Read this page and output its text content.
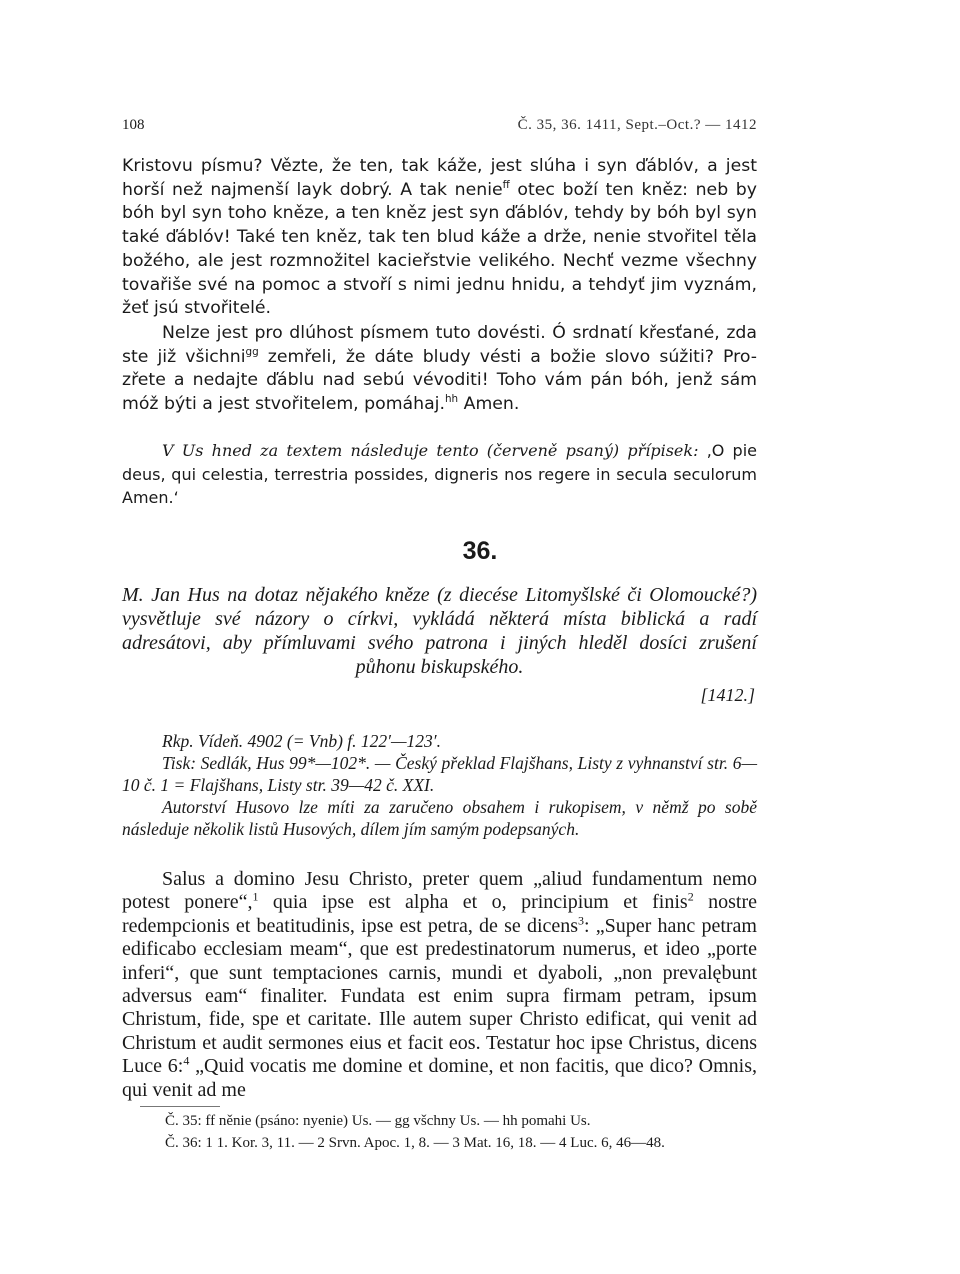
108	Č. 35, 36. 1411, Sept.–Oct.? — 1412

Kristovu písmu? Vězte, že ten, tak káže, jest slúha i syn ďáblóv, a jest horší než najmenší layk dobrý. A tak nenie$^{ff}$ otec boží ten kněz: neb by bóh byl syn toho kněze, a ten kněz jest syn ďáblóv, tehdy by bóh byl syn také ďáblóv! Také ten kněz, tak ten blud káže a drže, nenie stvořitel těla božého, ale jest rozmnožitel kacieřstvie velikého. Nechť vezme všechny tovařiše své na pomoc a stvoří s nimi jednu hnidu, a tehdyť jim vyznám, žeť jsú stvořitelé.

Nelze jest pro dlúhost písmem tuto dovésti. Ó srdnatí křesťané, zda ste již všichni$^{gg}$ zemřeli, že dáte bludy vésti a božie slovo súžiti? Pro- zřete a nedajte ďáblu nad sebú vévoditi! Toho vám pán bóh, jenž sám móž býti a jest stvořitelem, pomáhaj.$^{hh}$ Amen.

V Us hned za textem následuje tento (červeně psaný) přípisek: ‚O pie deus, qui celestia, terrestria possides, digneris nos regere in secula seculorum Amen.‘
36.
M. Jan Hus na dotaz nějakého kněze (z diecése Litomyšlské či Olomoucké?) vysvětluje své názory o církvi, vykládá některá místa biblická a radí adresátovi, aby přímluvami svého patrona i jiných hleděl dosíci zrušení půhonu biskupského.
[1412.]

Rkp. Vídeň. 4902 (= Vnb) f. 122′—123′.

Tisk: Sedlák, Hus 99*—102*. — Český překlad Flajšhans, Listy z vyhnanství str. 6—10 č. 1 = Flajšhans, Listy str. 39—42 č. XXI.

Autorství Husovo lze míti za zaručeno obsahem i rukopisem, v němž po sobě následuje několik listů Husových, dílem jím samým podepsaných.

Salus a domino Jesu Christo, preter quem „aliud fundamentum nemo potest ponere“,$^1$ quia ipse est alpha et o, principium et finis$^2$ nostre redempcionis et beatitudinis, ipse est petra, de se dicens$^3$: „Super hanc petram edificabo ecclesiam meam“, que est predestinatorum numerus, et ideo „porte inferi“, que sunt temptaciones carnis, mundi et dyaboli, „non prevalębunt adversus eam“ finaliter. Fundata est enim supra firmam petram, ipsum Christum, fide, spe et caritate. Ille autem super Christo edificat, qui venit ad Christum et audit sermones eius et facit eos. Testatur hoc ipse Christus, dicens Luce 6:$^4$ „Quid vocatis me domine et domine, et non facitis, que dico? Omnis, qui venit ad me

Č. 35: ff něnie (psáno: nyenie) Us. — gg všchny Us. — hh pomahi Us.

Č. 36: 1 1. Kor. 3, 11. — 2 Srvn. Apoc. 1, 8. — 3 Mat. 16, 18. — 4 Luc. 6, 46—48.
